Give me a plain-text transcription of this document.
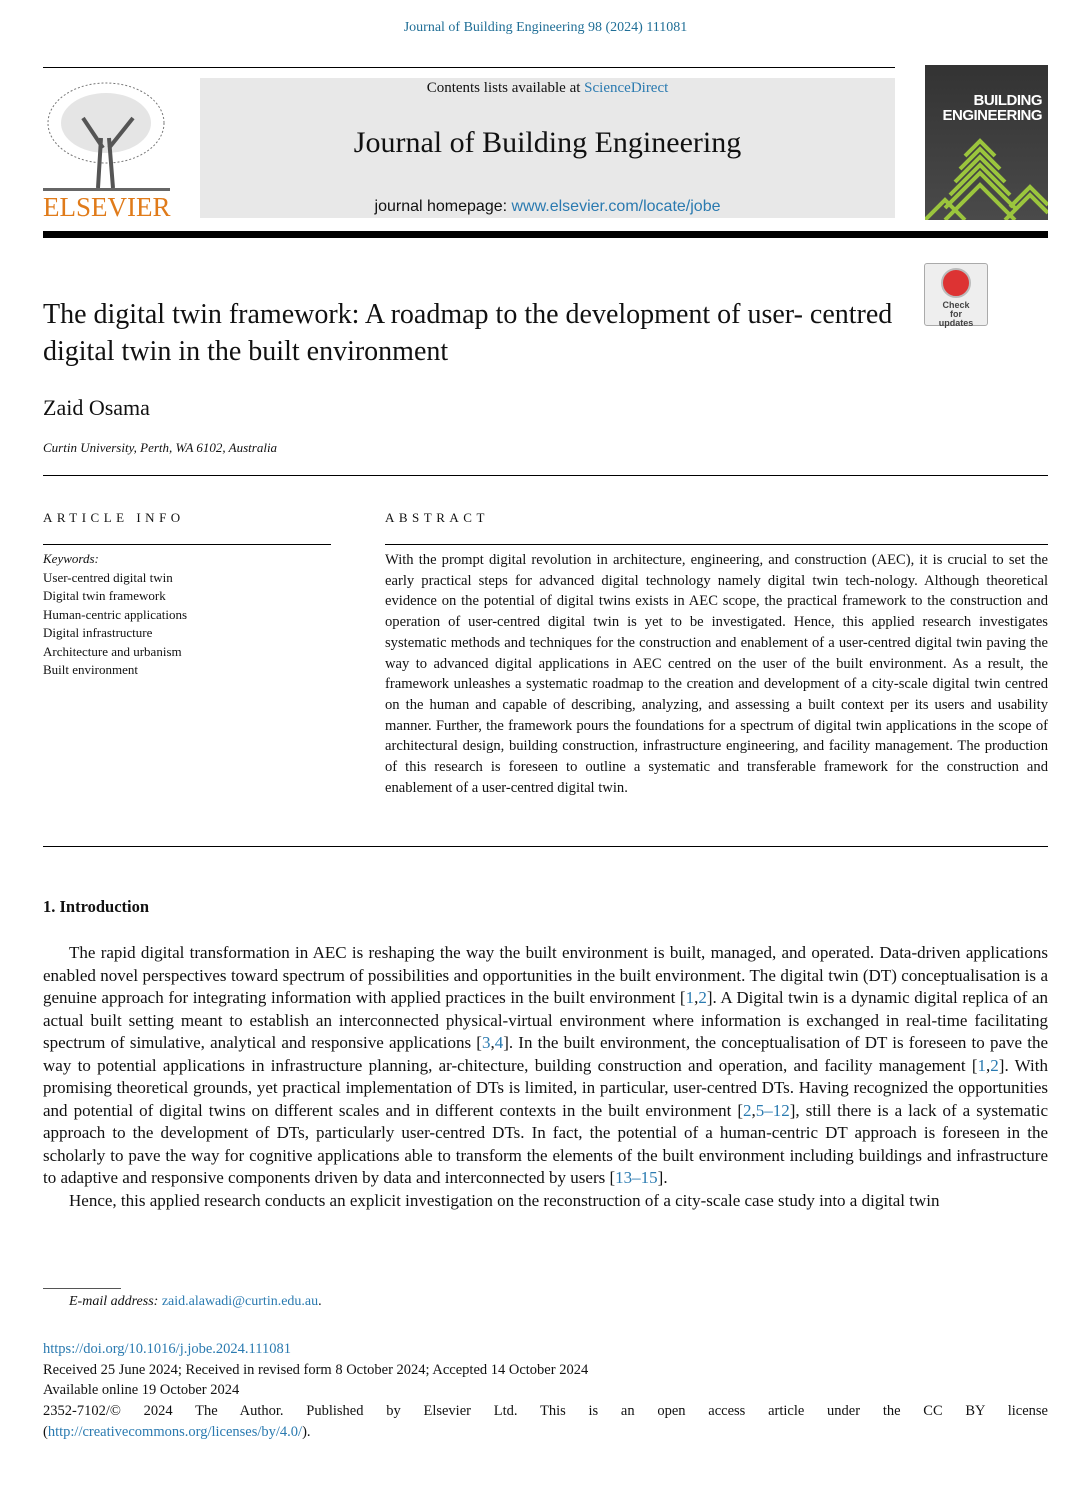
Journal of Building Engineering 98 (2024) 111081
ELSEVIER
Contents lists available at ScienceDirect
Journal of Building Engineering
journal homepage: www.elsevier.com/locate/jobe
BUILDING
ENGINEERING
Check for updates
The digital twin framework: A roadmap to the development of user- centred digital twin in the built environment
Zaid Osama
Curtin University, Perth, WA 6102, Australia
ARTICLE INFO
Keywords:
User-centred digital twin
Digital twin framework
Human-centric applications
Digital infrastructure
Architecture and urbanism
Built environment
ABSTRACT
With the prompt digital revolution in architecture, engineering, and construction (AEC), it is crucial to set the early practical steps for advanced digital technology namely digital twin tech-nology. Although theoretical evidence on the potential of digital twins exists in AEC scope, the practical framework to the construction and operation of user-centred digital twin is yet to be investigated. Hence, this applied research investigates systematic methods and techniques for the construction and enablement of a user-centred digital twin paving the way to advanced digital applications in AEC centred on the user of the built environment. As a result, the framework unleashes a systematic roadmap to the creation and development of a city-scale digital twin centred on the human and capable of describing, analyzing, and assessing a built context per its users and usability manner. Further, the framework pours the foundations for a spectrum of digital twin applications in the scope of architectural design, building construction, infrastructure engineering, and facility management. The production of this research is foreseen to outline a systematic and transferable framework for the construction and enablement of a user-centred digital twin.
1. Introduction

The rapid digital transformation in AEC is reshaping the way the built environment is built, managed, and operated. Data-driven applications enabled novel perspectives toward spectrum of possibilities and opportunities in the built environment. The digital twin (DT) conceptualisation is a genuine approach for integrating information with applied practices in the built environment [1,2]. A Digital twin is a dynamic digital replica of an actual built setting meant to establish an interconnected physical-virtual environment where information is exchanged in real-time facilitating spectrum of simulative, analytical and responsive applications [3,4]. In the built environment, the conceptualisation of DT is foreseen to pave the way to potential applications in infrastructure planning, ar-chitecture, building construction and operation, and facility management [1,2]. With promising theoretical grounds, yet practical implementation of DTs is limited, in particular, user-centred DTs. Having recognized the opportunities and potential of digital twins on different scales and in different contexts in the built environment [2,5–12], still there is a lack of a systematic approach to the development of DTs, particularly user-centred DTs. In fact, the potential of a human-centric DT approach is foreseen in the scholarly to pave the way for cognitive applications able to transform the elements of the built environment including buildings and infrastructure to adaptive and responsive components driven by data and interconnected by users [13–15].

Hence, this applied research conducts an explicit investigation on the reconstruction of a city-scale case study into a digital twin

E-mail address: zaid.alawadi@curtin.edu.au.
https://doi.org/10.1016/j.jobe.2024.111081
Received 25 June 2024; Received in revised form 8 October 2024; Accepted 14 October 2024
Available online 19 October 2024
2352-7102/© 2024 The Author. Published by Elsevier Ltd. This is an open access article under the CC BY license
(http://creativecommons.org/licenses/by/4.0/).
